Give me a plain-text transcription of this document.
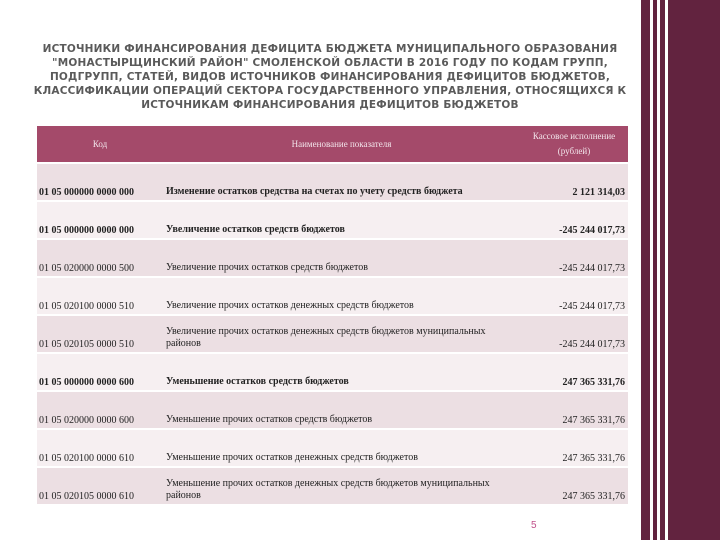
ИСТОЧНИКИ ФИНАНСИРОВАНИЯ ДЕФИЦИТА БЮДЖЕТА МУНИЦИПАЛЬНОГО ОБРАЗОВАНИЯ
"МОНАСТЫРЩИНСКИЙ РАЙОН" СМОЛЕНСКОЙ ОБЛАСТИ В 2016 ГОДУ ПО КОДАМ ГРУПП,
ПОДГРУПП, СТАТЕЙ, ВИДОВ ИСТОЧНИКОВ ФИНАНСИРОВАНИЯ ДЕФИЦИТОВ БЮДЖЕТОВ,
КЛАССИФИКАЦИИ ОПЕРАЦИЙ СЕКТОРА ГОСУДАРСТВЕННОГО УПРАВЛЕНИЯ, ОТНОСЯЩИХСЯ К
ИСТОЧНИКАМ ФИНАНСИРОВАНИЯ ДЕФИЦИТОВ БЮДЖЕТОВ
Код	Наименование показателя	Кассовое исполнение
(рублей)
01 05 000000 0000 000	Изменение остатков средства на счетах по учету средств бюджета	2 121 314,03
01 05 000000 0000 000	Увеличение остатков средств бюджетов	-245 244 017,73
01 05 020000 0000 500	Увеличение прочих остатков средств бюджетов	-245 244 017,73
01 05 020100 0000 510	Увеличение прочих остатков денежных средств бюджетов	-245 244 017,73
01 05 020105 0000 510	Увеличение прочих остатков денежных средств бюджетов муниципальных районов	-245 244 017,73
01 05 000000 0000 600	Уменьшение остатков средств бюджетов	247 365 331,76
01 05 020000 0000 600	Уменьшение прочих остатков средств бюджетов	247 365 331,76
01 05 020100 0000 610	Уменьшение прочих остатков денежных средств бюджетов	247 365 331,76
01 05 020105 0000 610	Уменьшение прочих остатков денежных средств бюджетов муниципальных районов	247 365 331,76
5
